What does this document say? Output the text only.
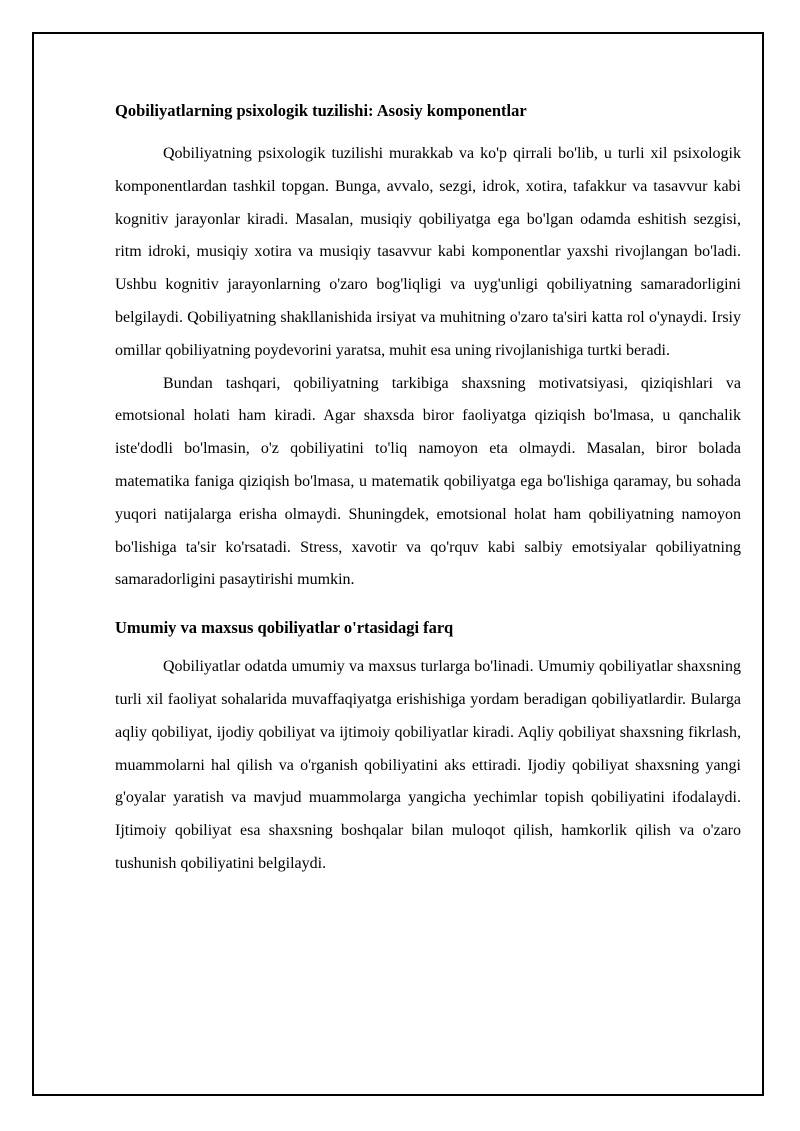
Qobiliyatlarning psixologik tuzilishi: Asosiy komponentlar

Qobiliyatning psixologik tuzilishi murakkab va ko'p qirrali bo'lib, u turli xil psixologik komponentlardan tashkil topgan. Bunga, avvalo, sezgi, idrok, xotira, tafakkur va tasavvur kabi kognitiv jarayonlar kiradi. Masalan, musiqiy qobiliyatga ega bo'lgan odamda eshitish sezgisi, ritm idroki, musiqiy xotira va musiqiy tasavvur kabi komponentlar yaxshi rivojlangan bo'ladi. Ushbu kognitiv jarayonlarning o'zaro bog'liqligi va uyg'unligi qobiliyatning samaradorligini belgilaydi. Qobiliyatning shakllanishida irsiyat va muhitning o'zaro ta'siri katta rol o'ynaydi. Irsiy omillar qobiliyatning poydevorini yaratsa, muhit esa uning rivojlanishiga turtki beradi.

Bundan tashqari, qobiliyatning tarkibiga shaxsning motivatsiyasi, qiziqishlari va emotsional holati ham kiradi. Agar shaxsda biror faoliyatga qiziqish bo'lmasa, u qanchalik iste'dodli bo'lmasin, o'z qobiliyatini to'liq namoyon eta olmaydi. Masalan, biror bolada matematika faniga qiziqish bo'lmasa, u matematik qobiliyatga ega bo'lishiga qaramay, bu sohada yuqori natijalarga erisha olmaydi. Shuningdek, emotsional holat ham qobiliyatning namoyon bo'lishiga ta'sir ko'rsatadi. Stress, xavotir va qo'rquv kabi salbiy emotsiyalar qobiliyatning samaradorligini pasaytirishi mumkin.

Umumiy va maxsus qobiliyatlar o'rtasidagi farq

Qobiliyatlar odatda umumiy va maxsus turlarga bo'linadi. Umumiy qobiliyatlar shaxsning turli xil faoliyat sohalarida muvaffaqiyatga erishishiga yordam beradigan qobiliyatlardir. Bularga aqliy qobiliyat, ijodiy qobiliyat va ijtimoiy qobiliyatlar kiradi. Aqliy qobiliyat shaxsning fikrlash, muammolarni hal qilish va o'rganish qobiliyatini aks ettiradi. Ijodiy qobiliyat shaxsning yangi g'oyalar yaratish va mavjud muammolarga yangicha yechimlar topish qobiliyatini ifodalaydi. Ijtimoiy qobiliyat esa shaxsning boshqalar bilan muloqot qilish, hamkorlik qilish va o'zaro tushunish qobiliyatini belgilaydi.
